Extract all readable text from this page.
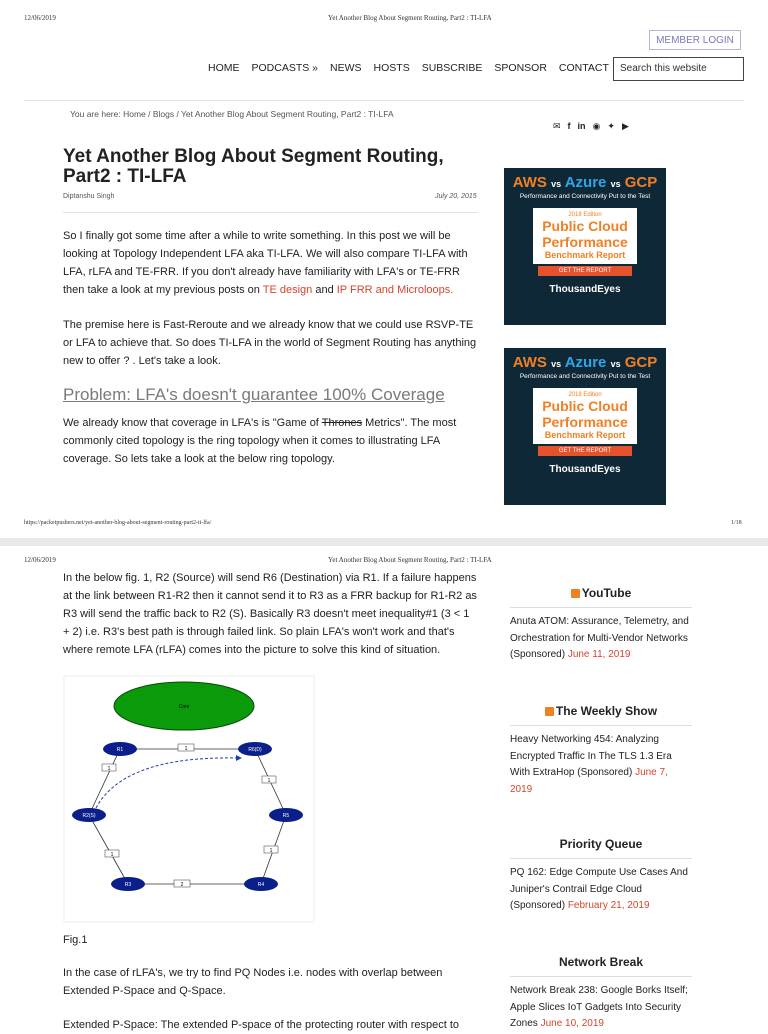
12/06/2019	Yet Another Blog About Segment Routing, Part2 : TI-LFA
MEMBER LOGIN
HOME PODCASTS » NEWS HOSTS SUBSCRIBE SPONSOR CONTACT	Search this website
You are here: Home / Blogs / Yet Another Blog About Segment Routing, Part2 : TI-LFA
✉ f in ◉ ✦ ▶
Yet Another Blog About Segment Routing, Part2 : TI-LFA
Diptanshu Singh	July 20, 2015
So I finally got some time after a while to write something. In this post we will be looking at Topology Independent LFA aka TI-LFA. We will also compare TI-LFA with LFA, rLFA and TE-FRR. If you don't already have familiarity with LFA's or TE-FRR then take a look at my previous posts on TE design and IP FRR and Microloops.
The premise here is Fast-Reroute and we already know that we could use RSVP-TE or LFA to achieve that. So does TI-LFA in the world of Segment Routing has anything new to offer ? . Let's take a look.
Problem: LFA's doesn't guarantee 100% Coverage
We already know that coverage in LFA's is "Game of Thrones Metrics". The most commonly cited topology is the ring topology when it comes to illustrating LFA coverage. So lets take a look at the below ring topology.
AWS vs Azure vs GCP
Performance and Connectivity Put to the Test
2018 Edition
Public Cloud
Performance
Benchmark Report
GET THE REPORT
ThousandEyes
AWS vs Azure vs GCP
Performance and Connectivity Put to the Test
2018 Edition
Public Cloud
Performance
Benchmark Report
GET THE REPORT
ThousandEyes
https://packetpushers.net/yet-another-blog-about-segment-routing-part2-ti-lfa/	1/18
12/06/2019	Yet Another Blog About Segment Routing, Part2 : TI-LFA
In the below fig. 1, R2 (Source) will send R6 (Destination) via R1. If a failure happens at the link between R1-R2 then it cannot send it to R3 as a FRR backup for R1-R2 as R3 will send the traffic back to R2 (S). Basically R3 doesn't meet inequality#1 (3 < 1 + 2) i.e. R3's best path is through failed link. So plain LFA's won't work and that's where remote LFA (rLFA) comes into the picture to solve this kind of situation.
Core
1
1
1
1
1
2
R1	R6(D)
R2(S)	R5
R3	R4
Fig.1
In the case of rLFA's, we try to find PQ Nodes i.e. nodes with overlap between Extended P-Space and Q-Space.
Extended P-Space: The extended P-space of the protecting router with respect to
YouTube
Anuta ATOM: Assurance, Telemetry, and Orchestration for Multi-Vendor Networks (Sponsored) June 11, 2019
The Weekly Show
Heavy Networking 454: Analyzing Encrypted Traffic In The TLS 1.3 Era With ExtraHop (Sponsored) June 7, 2019
Priority Queue
PQ 162: Edge Compute Use Cases And Juniper's Contrail Edge Cloud (Sponsored) February 21, 2019
Network Break
Network Break 238: Google Borks Itself; Apple Slices IoT Gadgets Into Security Zones June 10, 2019
